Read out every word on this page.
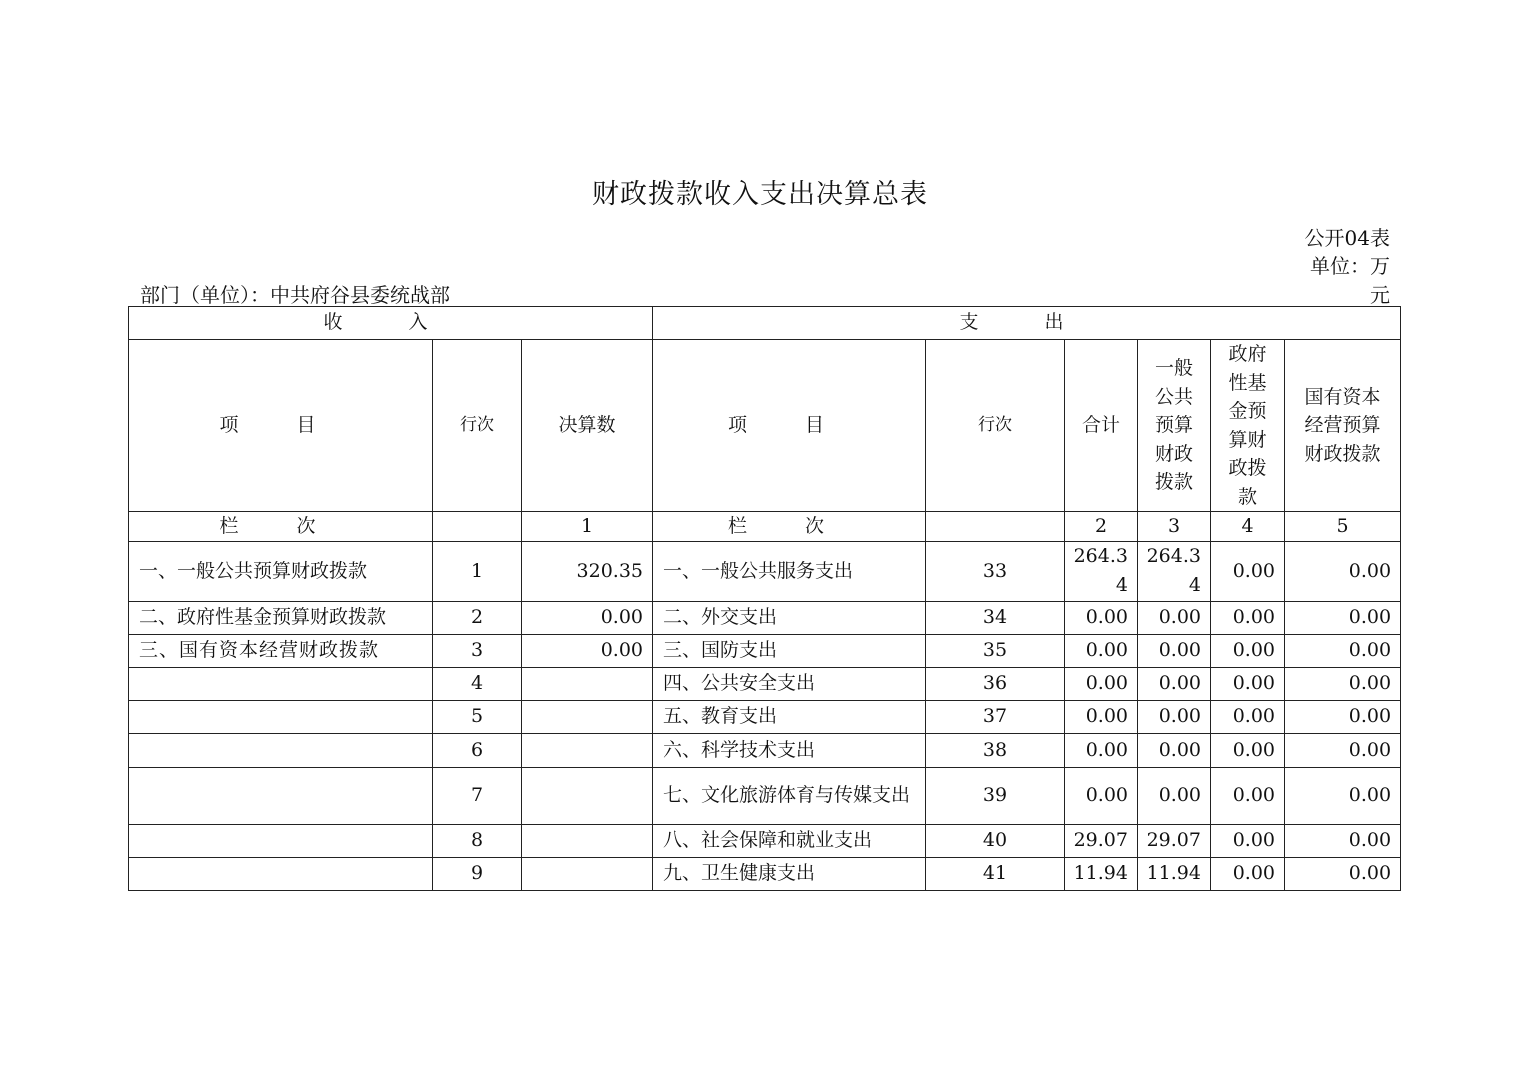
财政拨款收入支出决算总表
公开04表
单位：万
元
部门（单位）：中共府谷县委统战部
收 入			支 出					
项 目	行次	决算数	项 目	行次	合计	一般公共预算财政拨款	政府性基金预算财政拨款	国有资本经营预算财政拨款
栏 次		1	栏 次		2	3	4	5
一、一般公共预算财政拨款	1	320.35	一、一般公共服务支出	33	264.34	264.34	0.00	0.00
二、政府性基金预算财政拨款	2	0.00	二、外交支出	34	0.00	0.00	0.00	0.00
三、国有资本经营财政拨款	3	0.00	三、国防支出	35	0.00	0.00	0.00	0.00
	4		四、公共安全支出	36	0.00	0.00	0.00	0.00
	5		五、教育支出	37	0.00	0.00	0.00	0.00
	6		六、科学技术支出	38	0.00	0.00	0.00	0.00
	7		七、文化旅游体育与传媒支出	39	0.00	0.00	0.00	0.00
	8		八、社会保障和就业支出	40	29.07	29.07	0.00	0.00
	9		九、卫生健康支出	41	11.94	11.94	0.00	0.00
